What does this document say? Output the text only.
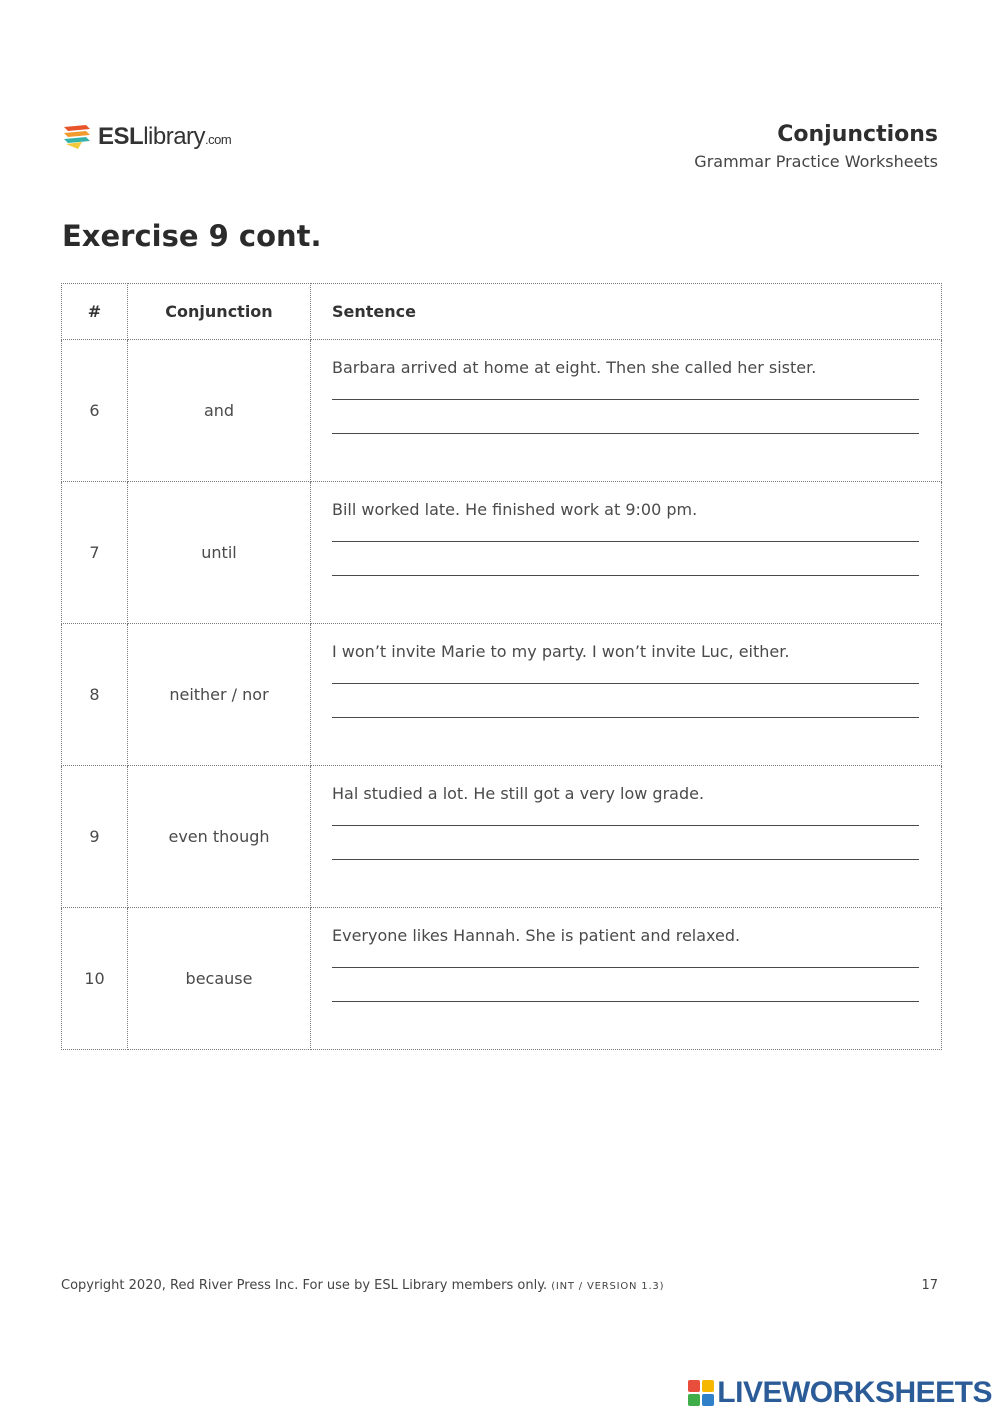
ESLlibrary.com	Conjunctions
Grammar Practice Worksheets
Exercise 9 cont.
#	Conjunction	Sentence
6	and	Barbara arrived at home at eight. Then she called her sister.

7	until	Bill worked late. He finished work at 9:00 pm.

8	neither / nor	I won’t invite Marie to my party. I won’t invite Luc, either.

9	even though	Hal studied a lot. He still got a very low grade.

10	because	Everyone likes Hannah. She is patient and relaxed.
Copyright 2020, Red River Press Inc. For use by ESL Library members only. (INT / VERSION 1.3)	17
LIVEWORKSHEETS
